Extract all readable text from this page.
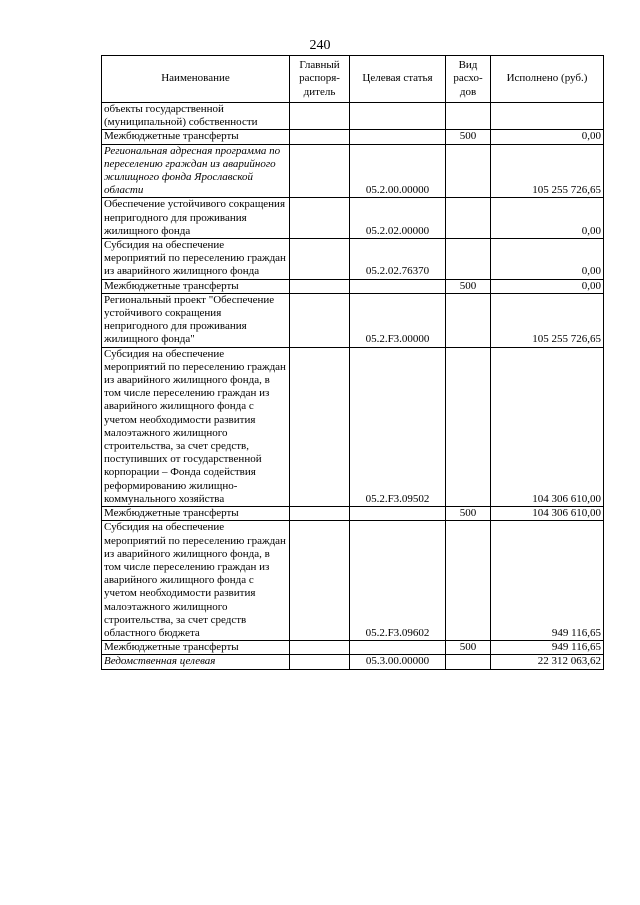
240
Наименование	Главный распоря-дитель	Целевая статья	Вид расхо-дов	Исполнено (руб.)
объекты государственной (муниципальной) собственности				
Межбюджетные трансферты			500	0,00
Региональная адресная программа по переселению граждан из аварийного жилищного фонда Ярославской области		05.2.00.00000		105 255 726,65
Обеспечение устойчивого сокращения непригодного для проживания жилищного фонда		05.2.02.00000		0,00
Субсидия на обеспечение мероприятий по переселению граждан из аварийного жилищного фонда		05.2.02.76370		0,00
Межбюджетные трансферты			500	0,00
Региональный проект "Обеспечение устойчивого сокращения непригодного для проживания жилищного фонда"		05.2.F3.00000		105 255 726,65
Субсидия на обеспечение мероприятий по переселению граждан из аварийного жилищного фонда, в том числе переселению граждан из аварийного жилищного фонда с учетом необходимости развития малоэтажного жилищного строительства, за счет средств, поступивших от государственной корпорации – Фонда содействия реформированию жилищно-коммунального хозяйства		05.2.F3.09502		104 306 610,00
Межбюджетные трансферты			500	104 306 610,00
Субсидия на обеспечение мероприятий по переселению граждан из аварийного жилищного фонда, в том числе переселению граждан из аварийного жилищного фонда с учетом необходимости развития малоэтажного жилищного строительства, за счет средств областного бюджета		05.2.F3.09602		949 116,65
Межбюджетные трансферты			500	949 116,65
Ведомственная целевая		05.3.00.00000		22 312 063,62
